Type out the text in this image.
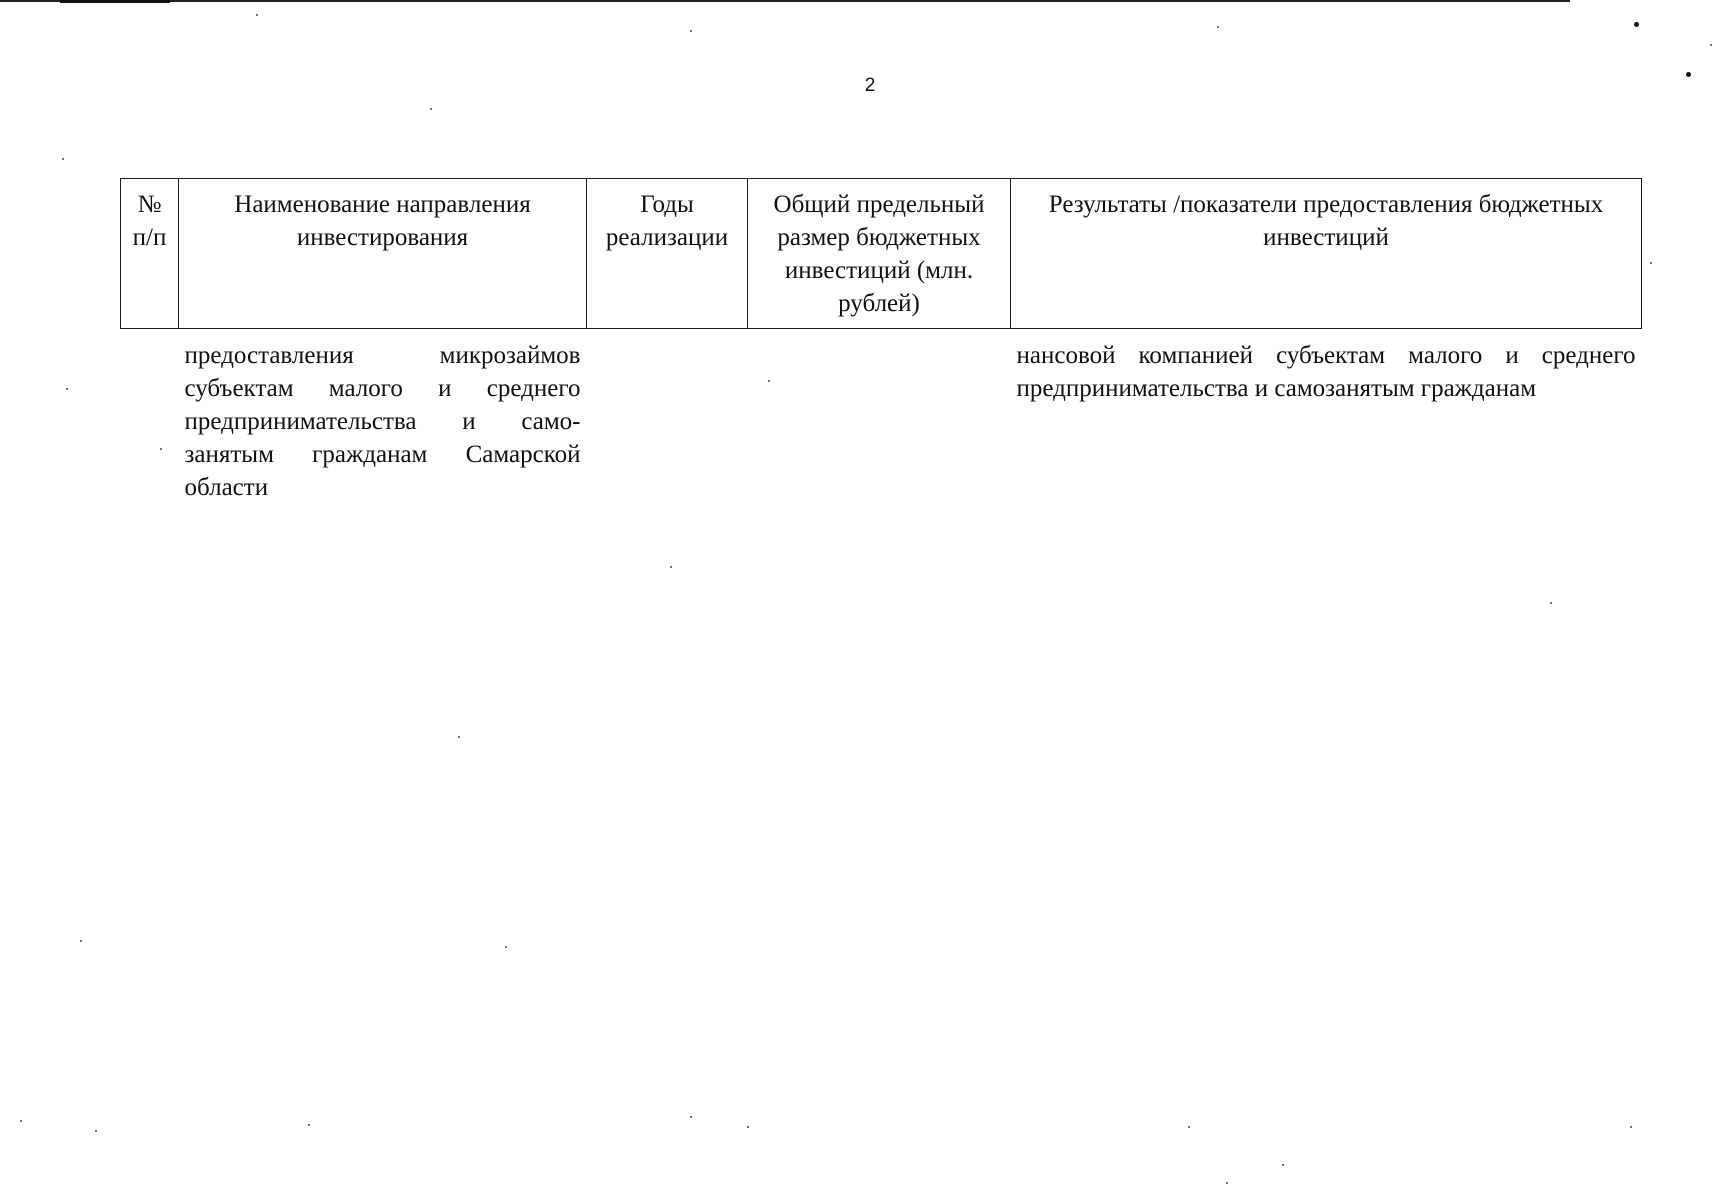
2
№ п/п	Наименование направления инвестирования	Годы реализации	Общий предельный размер бюджетных инвестиций (млн. рублей)	Результаты /показатели предоставления бюджетных инвестиций
	предоставления микрозаймов субъектам малого и среднего предпринимательства и самозанятым гражданам Самарской области			нансовой компанией субъектам малого и среднего предпринимательства и самозанятым гражданам
